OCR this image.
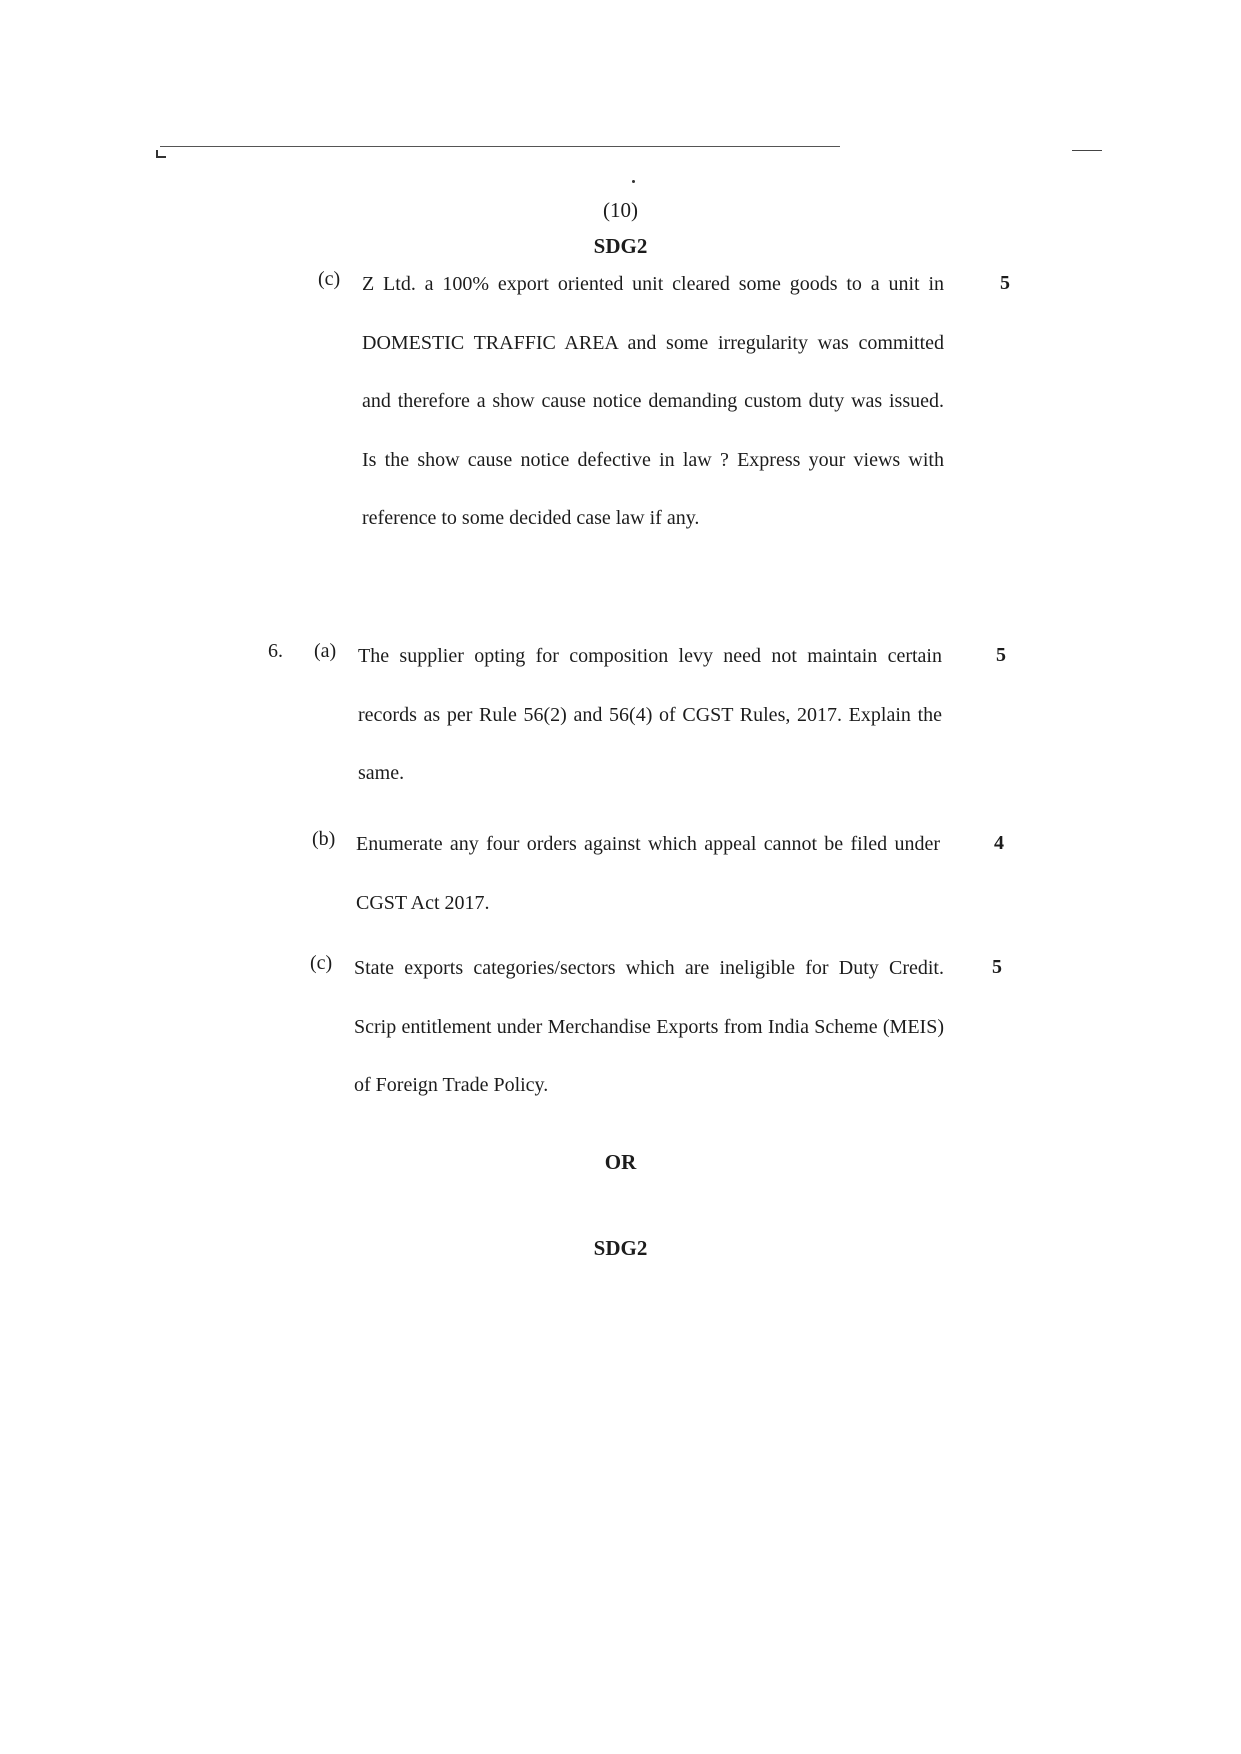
(10)
SDG2
(c) Z Ltd. a 100% export oriented unit cleared some goods to a unit in DOMESTIC TRAFFIC AREA and some irregularity was committed and therefore a show cause notice demanding custom duty was issued. Is the show cause notice defective in law ? Express your views with reference to some decided case law if any.
5
6. (a) The supplier opting for composition levy need not maintain certain records as per Rule 56(2) and 56(4) of CGST Rules, 2017. Explain the same.
5
(b) Enumerate any four orders against which appeal cannot be filed under CGST Act 2017.
4
(c) State exports categories/sectors which are ineligible for Duty Credit. Scrip entitlement under Merchandise Exports from India Scheme (MEIS) of Foreign Trade Policy.
5
OR
SDG2
